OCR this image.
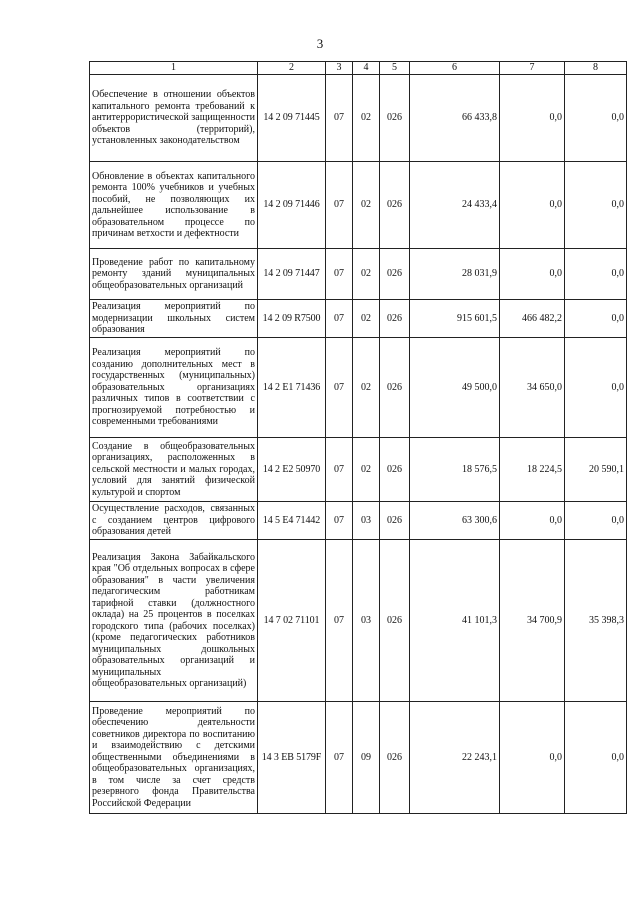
3
1	2	3	4	5	6	7	8
Обеспечение в отношении объектов капитального ремонта требований к антитеррористической защищенности объектов (территорий), установленных законодательством	14 2 09 71445	07	02	026	66 433,8	0,0	0,0
Обновление в объектах капитального ремонта 100% учебников и учебных пособий, не позволяющих их дальнейшее использование в образовательном процессе по причинам ветхости и дефектности	14 2 09 71446	07	02	026	24 433,4	0,0	0,0
Проведение работ по капитальному ремонту зданий муниципальных общеобразовательных организаций	14 2 09 71447	07	02	026	28 031,9	0,0	0,0
Реализация мероприятий по модернизации школьных систем образования	14 2 09 R7500	07	02	026	915 601,5	466 482,2	0,0
Реализация мероприятий по созданию дополнительных мест в государственных (муниципальных) образовательных организациях различных типов в соответствии с прогнозируемой потребностью и современными требованиями	14 2 E1 71436	07	02	026	49 500,0	34 650,0	0,0
Создание в общеобразовательных организациях, расположенных в сельской местности и малых городах, условий для занятий физической культурой и спортом	14 2 E2 50970	07	02	026	18 576,5	18 224,5	20 590,1
Осуществление расходов, связанных с созданием центров цифрового образования детей	14 5 E4 71442	07	03	026	63 300,6	0,0	0,0
Реализация Закона Забайкальского края "Об отдельных вопросах в сфере образования" в части увеличения педагогическим работникам тарифной ставки (должностного оклада) на 25 процентов в поселках городского типа (рабочих поселках) (кроме педагогических работников муниципальных дошкольных образовательных организаций и муниципальных общеобразовательных организаций)	14 7 02 71101	07	03	026	41 101,3	34 700,9	35 398,3
Проведение мероприятий по обеспечению деятельности советников директора по воспитанию и взаимодействию с детскими общественными объединениями в общеобразовательных организациях, в том числе за счет средств резервного фонда Правительства Российской Федерации	14 3 EB 5179F	07	09	026	22 243,1	0,0	0,0
